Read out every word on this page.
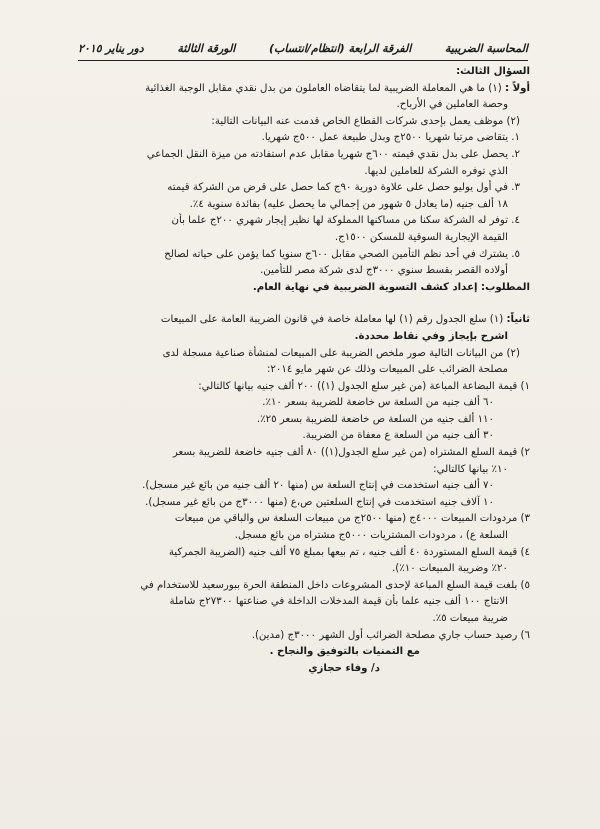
المحاسبة الضريبية
الفرقة الرابعة (انتظام/انتساب)
الورقة الثالثة
دور يناير ٢٠١٥
السؤال الثالث:
أولاً : (١) ما هي المعاملة الضريبية لما يتقاضاه العاملون من بدل نقدي مقابل الوجبة الغذائية
وحصة العاملين في الأرباح.
(٢) موظف يعمل بإحدى شركات القطاع الخاص قدمت عنه البيانات التالية:
١. يتقاضى مرتبا شهريا ٢٥٠٠ج وبدل طبيعة عمل ٥٠٠ج شهريا.
٢. يحصل على بدل نقدي قيمته ٦٠٠ج شهريا مقابل عدم استفادته من ميزة النقل الجماعي
الذي توفره الشركة للعاملين لديها.
٣. في أول يوليو حصل على علاوة دورية ٩٠ج كما حصل على قرض من الشركة قيمته
١٨ ألف جنيه (ما يعادل ٥ شهور من إجمالي ما يحصل عليه) بفائدة سنوية ٤٪.
٤. توفر له الشركة سكنا من مساكنها المملوكة لها نظير إيجار شهري ٢٠٠ج علما بأن
القيمة الإيجارية السوقية للمسكن ١٥٠٠ج.
٥. يشترك في أحد نظم التأمين الصحي مقابل ٦٠٠ج سنويا كما يؤمن على حياته لصالح
أولاده القصر بقسط سنوي ٣٠٠٠ج لدى شركة مصر للتأمين.
المطلوب: إعداد كشف التسوية الضريبية في نهاية العام.
ثانياً: (١) سلع الجدول رقم (١) لها معاملة خاصة في قانون الضريبة العامة على المبيعات
اشرح بإيجاز وفي نقاط محددة.
(٢) من البيانات التالية صور ملخص الضريبة على المبيعات لمنشأة صناعية مسجلة لدى
مصلحة الضرائب على المبيعات وذلك عن شهر مايو ٢٠١٤:
١) قيمة البضاعة المباعة (من غير سلع الجدول (١)) ٢٠٠ ألف جنيه بيانها كالتالي:
٦٠ ألف جنيه من السلعة س خاضعة للضريبة بسعر ١٠٪.
١١٠ ألف جنيه من السلعة ص خاضعة للضريبة بسعر ٢٥٪.
٣٠ ألف جنيه من السلعة ع معفاة من الضريبة.
٢) قيمة السلع المشتراه (من غير سلع الجدول(١)) ٨٠ ألف جنيه خاضعة للضريبة بسعر
١٠٪ بيانها كالتالي:
٧٠ ألف جنيه استخدمت في إنتاج السلعة س (منها ٢٠ ألف جنيه من بائع غير مسجل).
١٠ آلاف جنيه استخدمت في إنتاج السلعتين ص،ع (منها ٣٠٠٠ج من بائع غير مسجل).
٣) مردودات المبيعات ٤٠٠٠ج (منها ٢٥٠٠ج من مبيعات السلعة س والباقي من مبيعات
السلعة ع) ، مردودات المشتريات ٥٠٠٠ج مشتراه من بائع مسجل.
٤) قيمة السلع المستوردة ٤٠ ألف جنيه ، تم بيعها بمبلغ ٧٥ ألف جنيه (الضريبة الجمركية
٢٠٪ وضريبة المبيعات ١٠٪).
٥) بلغت قيمة السلع المباعة لإحدى المشروعات داخل المنطقة الحرة ببورسعيد للاستخدام في
الانتاج ١٠٠ ألف جنيه علما بأن قيمة المدخلات الداخلة في صناعتها ٢٧٣٠٠ج شاملة
ضريبة مبيعات ٥٪.
٦) رصيد حساب جاري مصلحة الضرائب أول الشهر ٣٠٠٠ج (مدين).
مع التمنيات بالتوفيق والنجاح .
د/ وفاء حجازي
